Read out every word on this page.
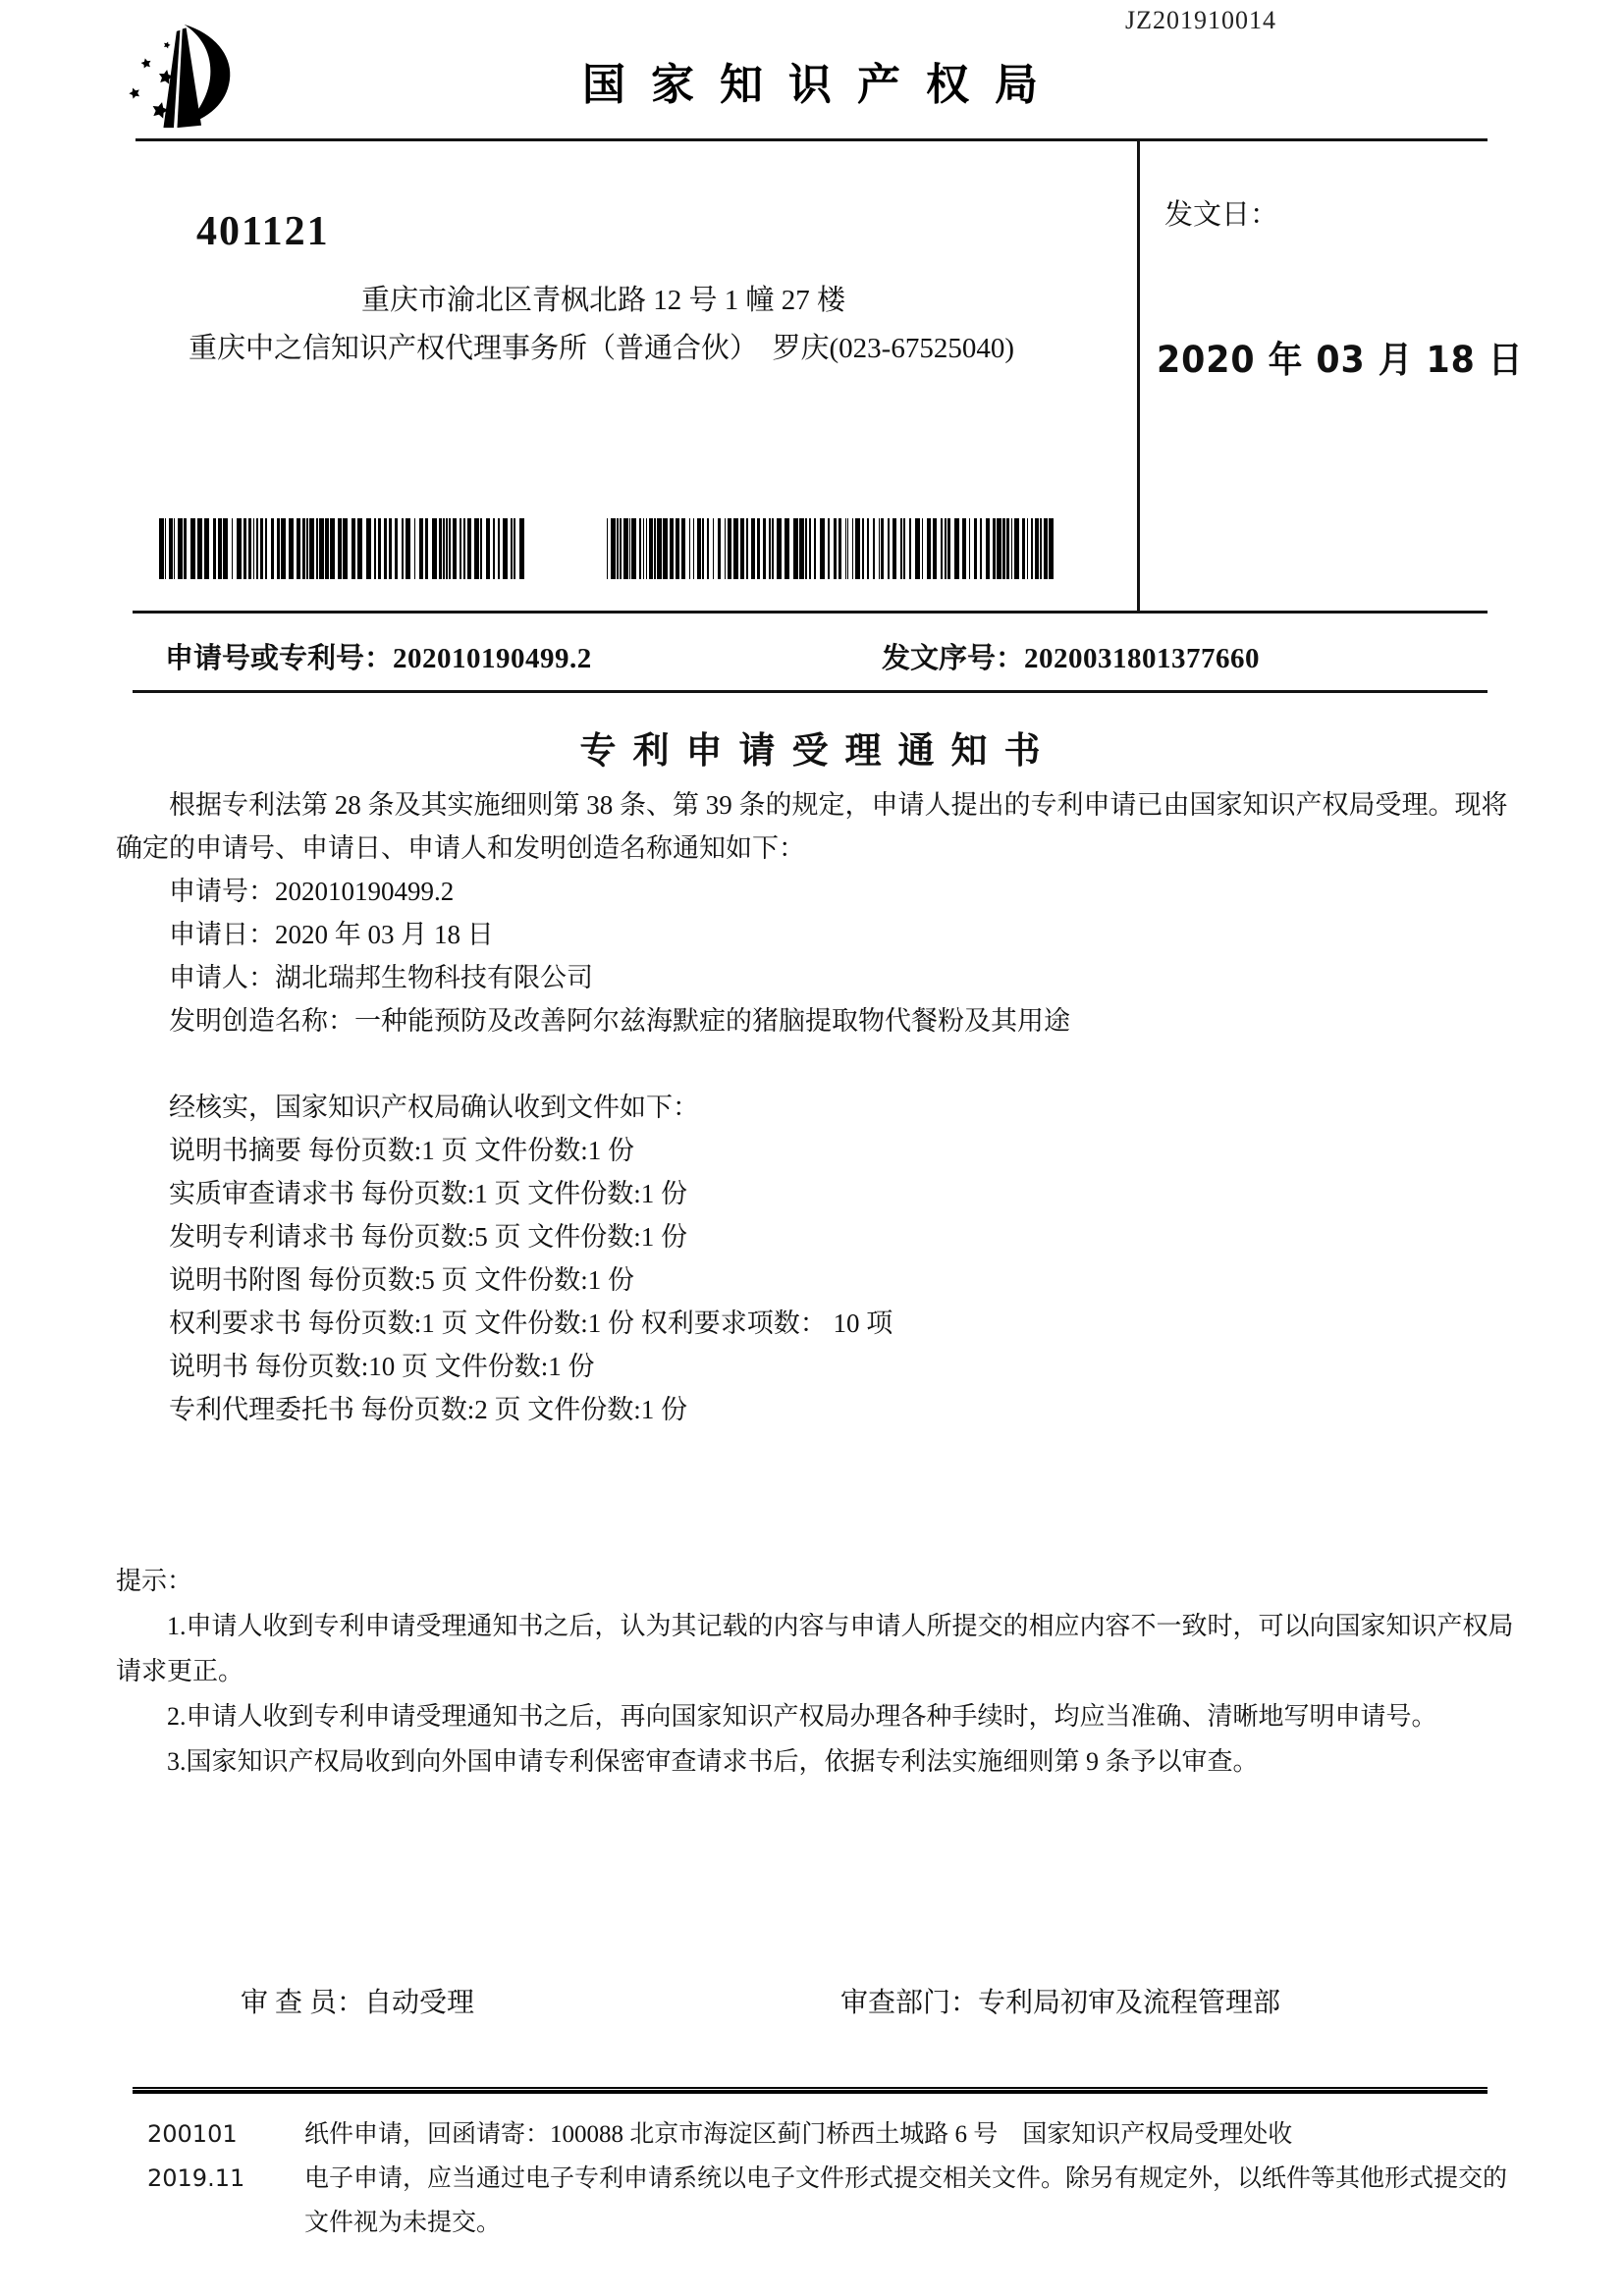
JZ201910014
国家知识产权局
401121
重庆市渝北区青枫北路 12 号 1 幢 27 楼
重庆中之信知识产权代理事务所（普通合伙）　罗庆(023-67525040)
发文日：
2020 年 03 月 18 日
申请号或专利号：202010190499.2	发文序号：2020031801377660
专利申请受理通知书

根据专利法第 28 条及其实施细则第 38 条、第 39 条的规定，申请人提出的专利申请已由国家知识产权局受理。现将确定的申请号、申请日、申请人和发明创造名称通知如下：

申请号：202010190499.2

申请日：2020 年 03 月 18 日

申请人：湖北瑞邦生物科技有限公司

发明创造名称：一种能预防及改善阿尔兹海默症的猪脑提取物代餐粉及其用途

经核实，国家知识产权局确认收到文件如下：

说明书摘要 每份页数:1 页 文件份数:1 份

实质审查请求书 每份页数:1 页 文件份数:1 份

发明专利请求书 每份页数:5 页 文件份数:1 份

说明书附图 每份页数:5 页 文件份数:1 份

权利要求书 每份页数:1 页 文件份数:1 份 权利要求项数： 10 项

说明书 每份页数:10 页 文件份数:1 份

专利代理委托书 每份页数:2 页 文件份数:1 份

提示：

1.申请人收到专利申请受理通知书之后，认为其记载的内容与申请人所提交的相应内容不一致时，可以向国家知识产权局请求更正。

2.申请人收到专利申请受理通知书之后，再向国家知识产权局办理各种手续时，均应当准确、清晰地写明申请号。

3.国家知识产权局收到向外国申请专利保密审查请求书后，依据专利法实施细则第 9 条予以审查。

审 查 员：自动受理	审查部门：专利局初审及流程管理部
200101	纸件申请，回函请寄：100088 北京市海淀区蓟门桥西土城路 6 号　国家知识产权局受理处收
2019.11	电子申请，应当通过电子专利申请系统以电子文件形式提交相关文件。除另有规定外，以纸件等其他形式提交的文件视为未提交。
